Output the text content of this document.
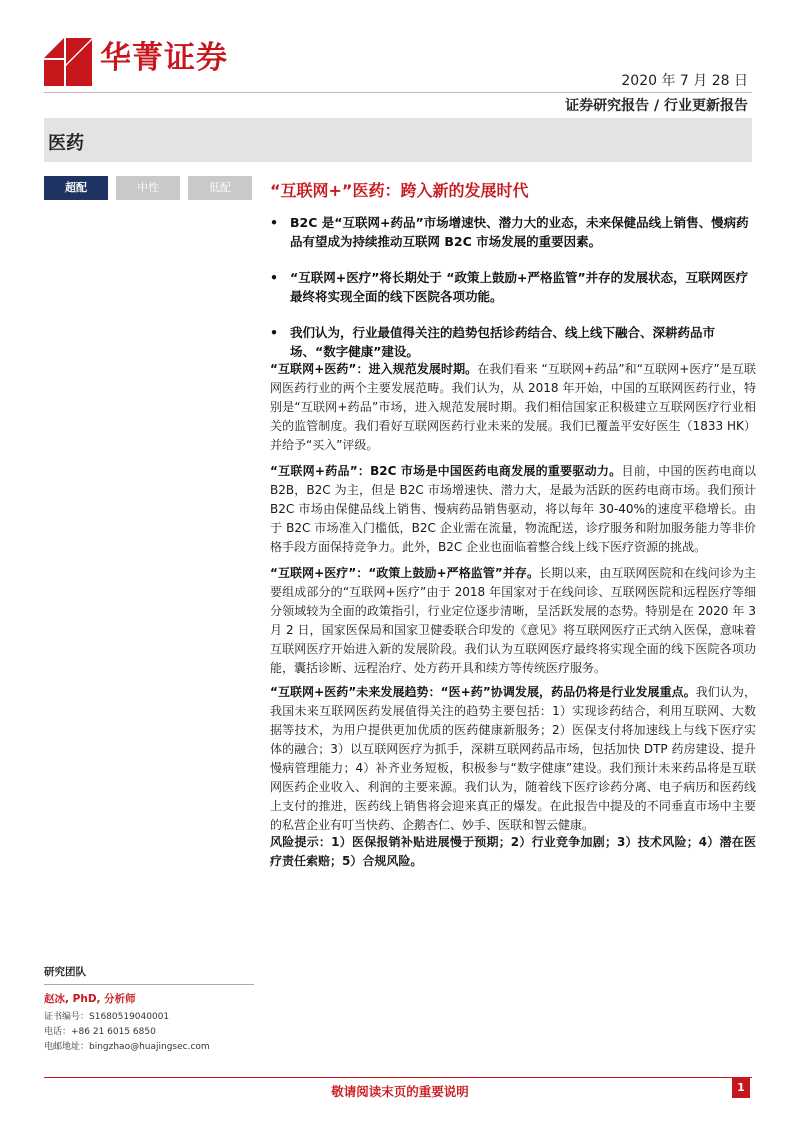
华菁证券
2020 年 7 月 28 日
证券研究报告 / 行业更新报告
医药
超配	中性	低配	“互联网+”医药：跨入新的发展时代
• B2C 是“互联网+药品”市场增速快、潜力大的业态，未来保健品线上销售、慢病药品有望成为持续推动互联网 B2C 市场发展的重要因素。
• “互联网+医疗”将长期处于 “政策上鼓励+严格监管”并存的发展状态，互联网医疗最终将实现全面的线下医院各项功能。
• 我们认为，行业最值得关注的趋势包括诊药结合、线上线下融合、深耕药品市场、“数字健康”建设。
“互联网+医药”：进入规范发展时期。在我们看来 “互联网+药品”和“互联网+医疗”是互联网医药行业的两个主要发展范畴。我们认为，从 2018 年开始，中国的互联网医药行业，特别是“互联网+药品”市场，进入规范发展时期。我们相信国家正积极建立互联网医疗行业相关的监管制度。我们看好互联网医药行业未来的发展。我们已覆盖平安好医生（1833 HK）并给予“买入”评级。
“互联网+药品”：B2C 市场是中国医药电商发展的重要驱动力。目前，中国的医药电商以 B2B，B2C 为主，但是 B2C 市场增速快、潜力大，是最为活跃的医药电商市场。我们预计 B2C 市场由保健品线上销售、慢病药品销售驱动，将以每年 30-40%的速度平稳增长。由于 B2C 市场准入门槛低，B2C 企业需在流量，物流配送，诊疗服务和附加服务能力等非价格手段方面保持竞争力。此外，B2C 企业也面临着整合线上线下医疗资源的挑战。
“互联网+医疗”：“政策上鼓励+严格监管”并存。长期以来，由互联网医院和在线问诊为主要组成部分的“互联网+医疗”由于 2018 年国家对于在线问诊、互联网医院和远程医疗等细分领域较为全面的政策指引，行业定位逐步清晰，呈活跃发展的态势。特别是在 2020 年 3 月 2 日，国家医保局和国家卫健委联合印发的《意见》将互联网医疗正式纳入医保，意味着互联网医疗开始进入新的发展阶段。我们认为互联网医疗最终将实现全面的线下医院各项功能，囊括诊断、远程治疗、处方药开具和续方等传统医疗服务。
“互联网+医药”未来发展趋势：“医+药”协调发展，药品仍将是行业发展重点。我们认为，我国未来互联网医药发展值得关注的趋势主要包括：1）实现诊药结合，利用互联网、大数据等技术，为用户提供更加优质的医药健康新服务；2）医保支付将加速线上与线下医疗实体的融合；3）以互联网医疗为抓手，深耕互联网药品市场，包括加快 DTP 药房建设、提升慢病管理能力；4）补齐业务短板，积极参与“数字健康”建设。我们预计未来药品将是互联网医药企业收入、利润的主要来源。我们认为，随着线下医疗诊药分离、电子病历和医药线上支付的推进，医药线上销售将会迎来真正的爆发。在此报告中提及的不同垂直市场中主要的私营企业有叮当快药、企鹅杏仁、妙手、医联和智云健康。
风险提示：1）医保报销补贴进展慢于预期；2）行业竞争加剧；3）技术风险；4）潜在医疗责任索赔；5）合规风险。
研究团队
赵冰, PhD, 分析师
证书编号：S1680519040001
电话：+86 21 6015 6850
电邮地址：bingzhao@huajingsec.com
敬请阅读末页的重要说明	1
